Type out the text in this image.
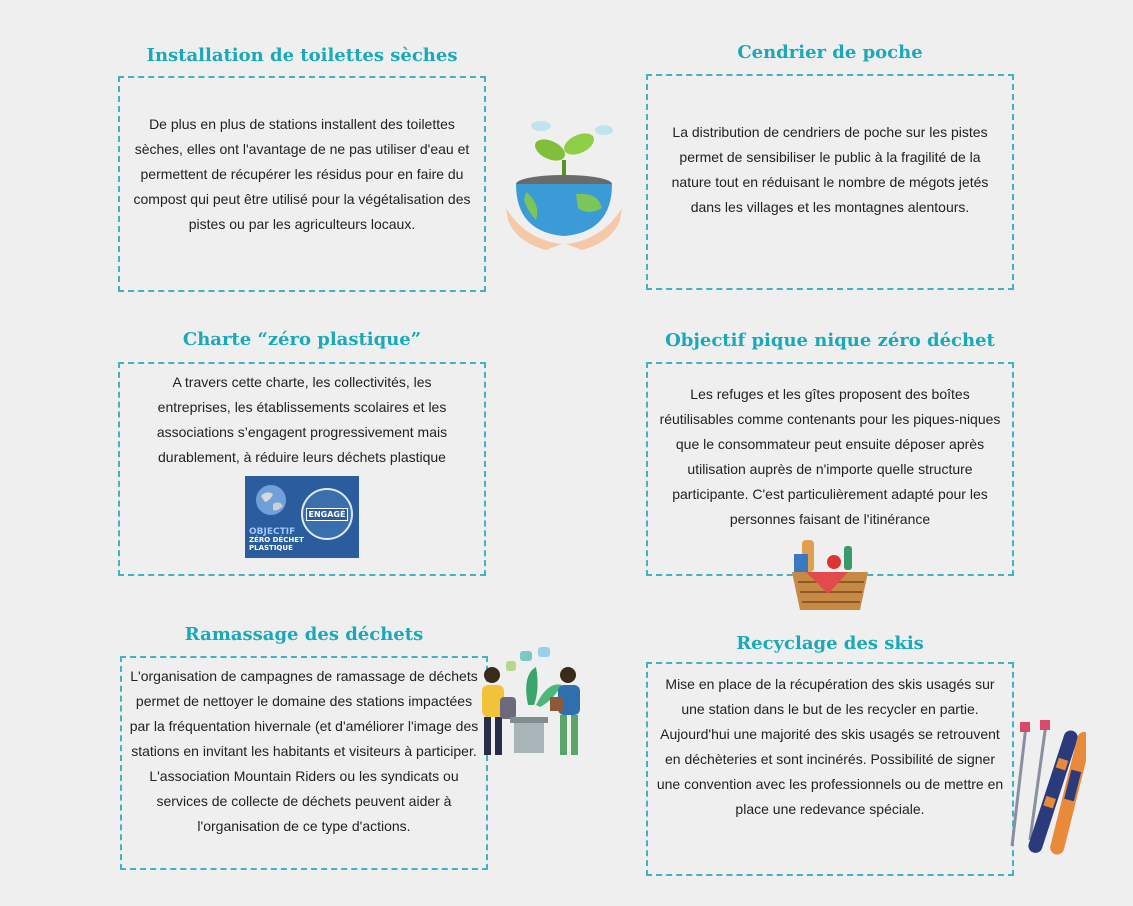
Installation de toilettes sèches
De plus en plus de stations installent des toilettes sèches, elles ont l'avantage de ne pas utiliser d'eau et permettent de récupérer les résidus pour en faire du compost qui peut être utilisé pour la végétalisation des pistes ou par les agriculteurs locaux.
Cendrier de poche
La distribution de cendriers de poche sur les pistes permet de sensibiliser le public à la fragilité de la nature tout en réduisant le nombre de mégots jetés dans les villages et les montagnes alentours.
Charte “zéro plastique”
A travers cette charte, les collectivités, les entreprises, les établissements scolaires et les associations s’engagent progressivement mais durablement, à réduire leurs déchets plastique
Objectif pique nique zéro déchet
Les refuges et les gîtes proposent des boîtes réutilisables comme contenants pour les piques-niques que le consommateur peut ensuite déposer après utilisation auprès de n'importe quelle structure participante. C'est particulièrement adapté pour les personnes faisant de l'itinérance
Ramassage des déchets
L'organisation de campagnes de ramassage de déchets permet de nettoyer le domaine des stations impactées par la fréquentation hivernale (et d'améliorer l'image des stations en invitant les habitants et visiteurs à participer. L'association Mountain Riders ou les syndicats ou services de collecte de déchets peuvent aider à l'organisation de ce type d'actions.
Recyclage des skis
Mise en place de la récupération des skis usagés sur une station dans le but de les recycler en partie. Aujourd'hui une majorité des skis usagés se retrouvent en déchèteries et sont incinérés. Possibilité de signer une convention avec les professionnels ou de mettre en place une redevance spéciale.
OBJECTIF
ZÉRO DÉCHET
PLASTIQUE
ENGAGÉ
